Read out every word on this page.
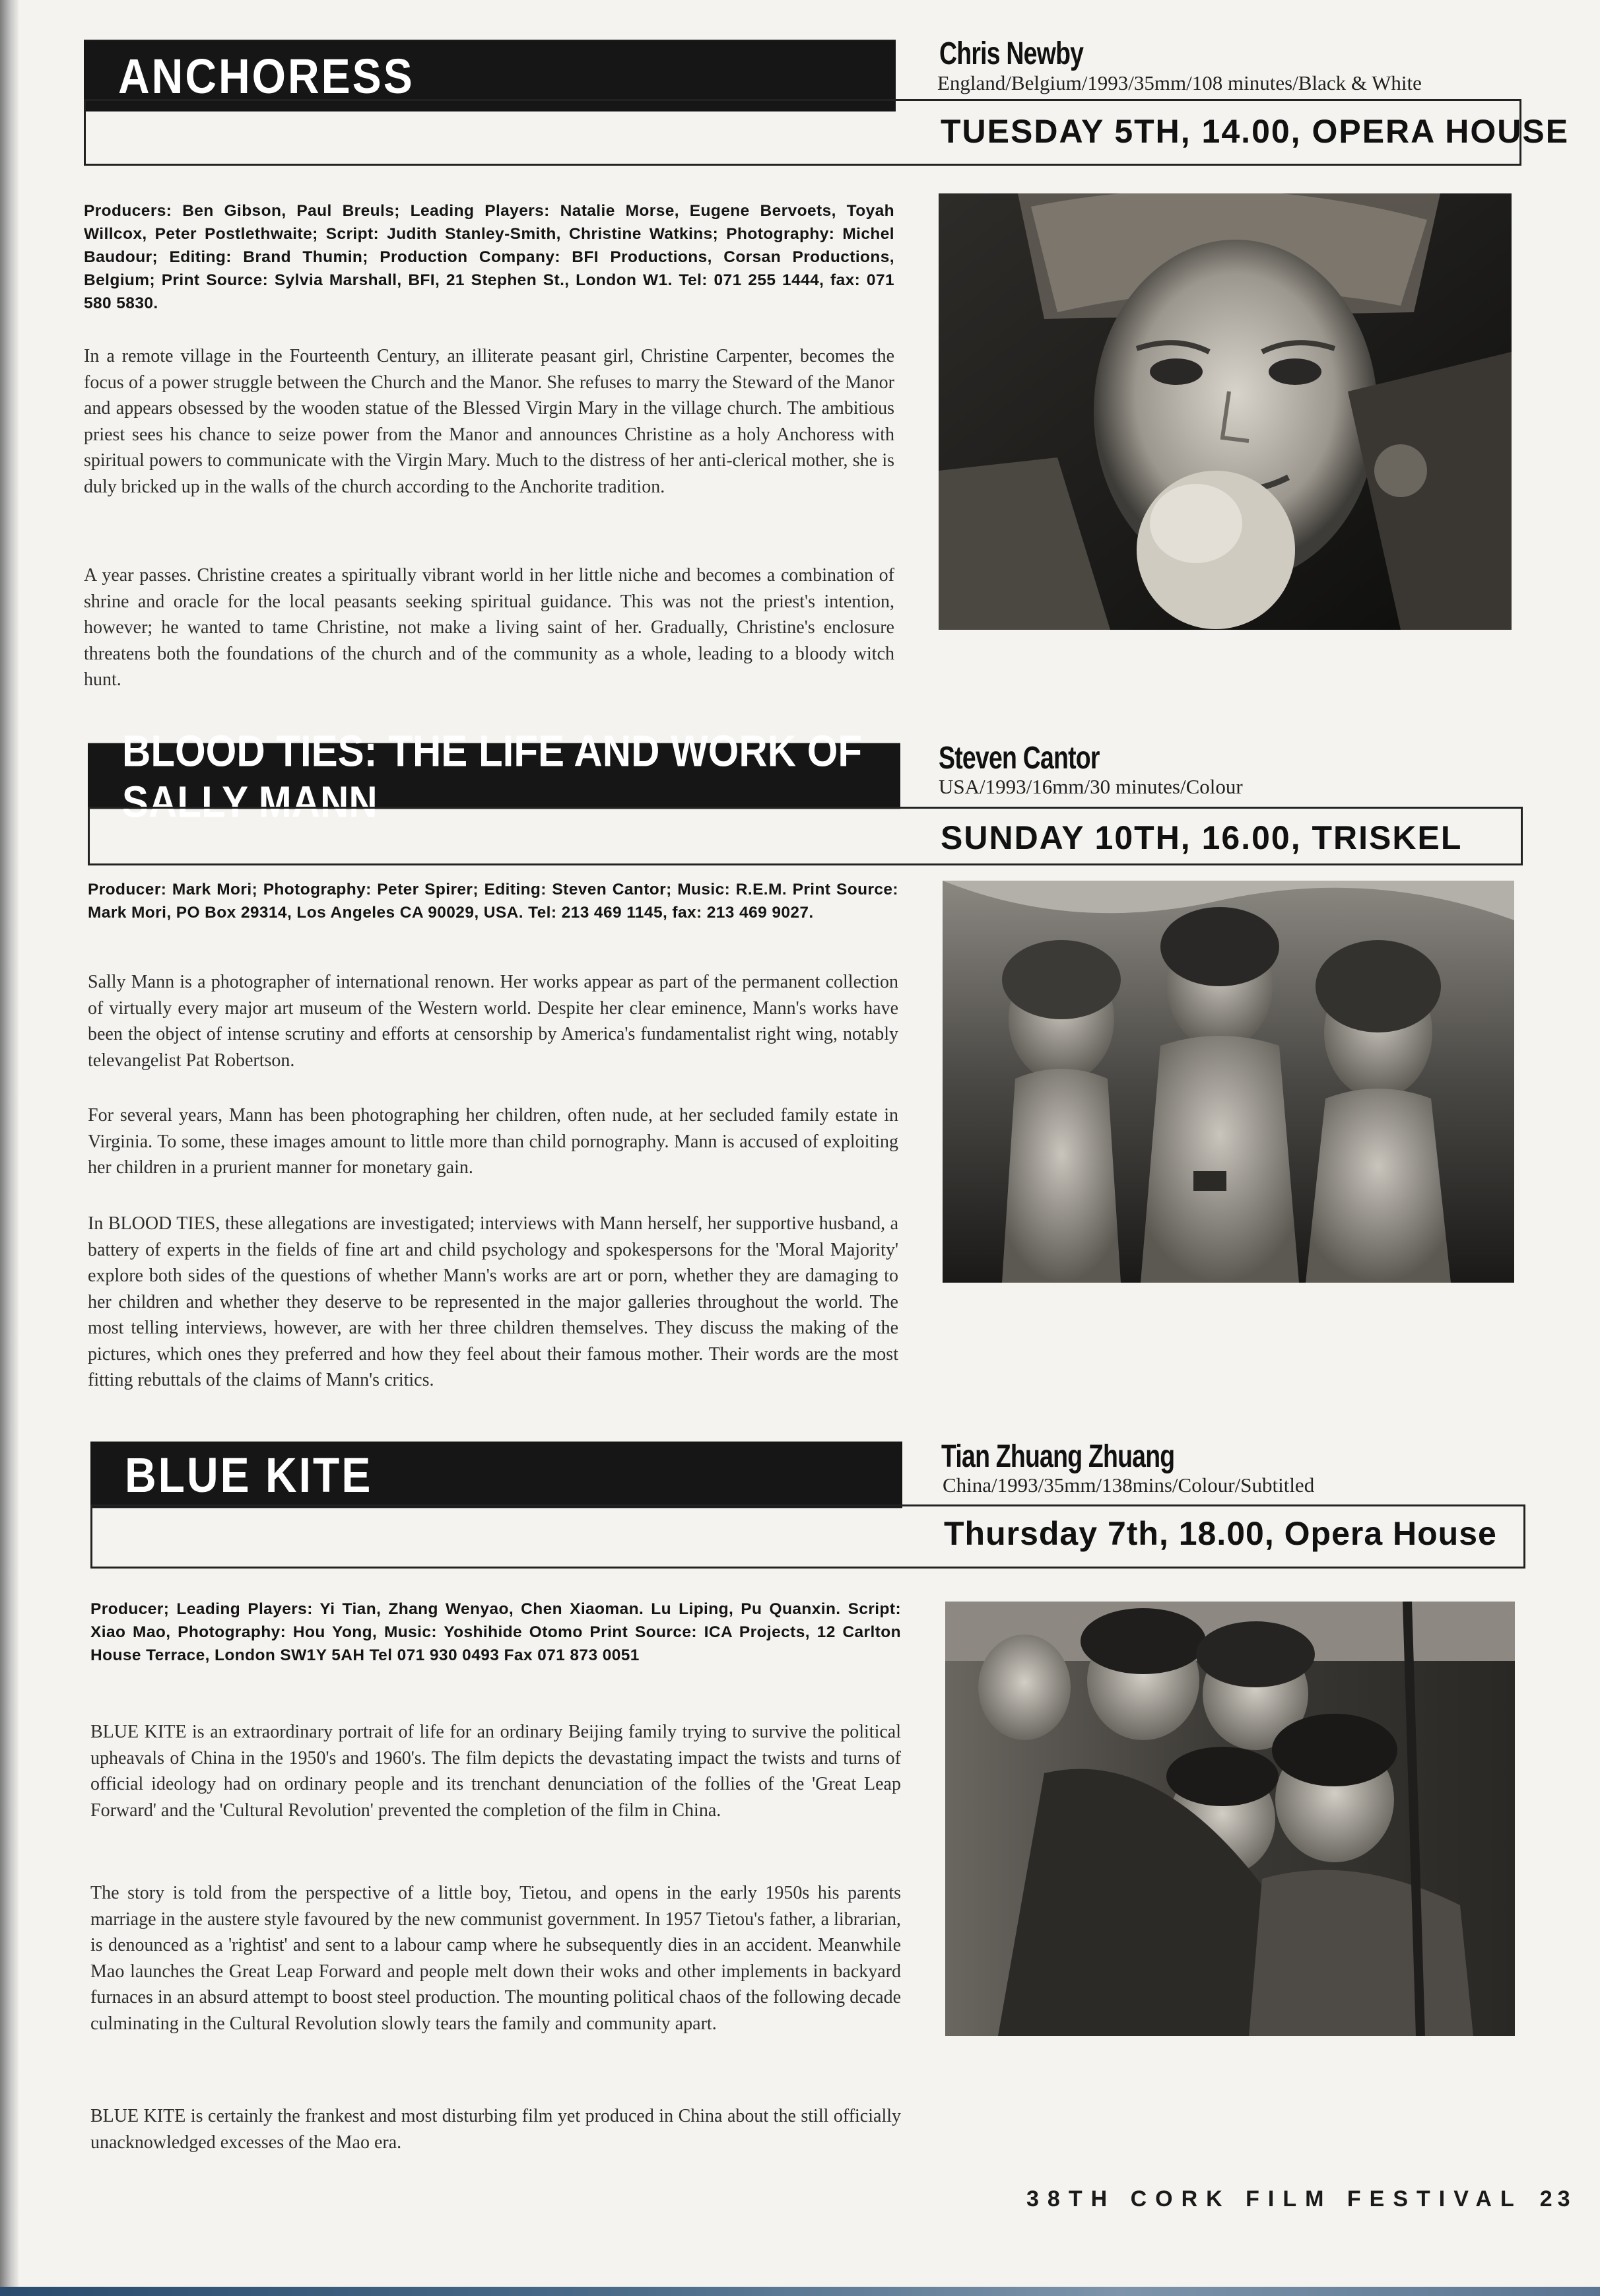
ANCHORESS	Chris Newby
England/Belgium/1993/35mm/108 minutes/Black & White
TUESDAY 5TH, 14.00, OPERA HOUSE
Producers: Ben Gibson, Paul Breuls; Leading Players: Natalie Morse, Eugene Bervoets, Toyah Willcox, Peter Postlethwaite; Script: Judith Stanley-Smith, Christine Watkins; Photography: Michel Baudour; Editing: Brand Thumin; Production Company: BFI Productions, Corsan Productions, Belgium; Print Source: Sylvia Marshall, BFI, 21 Stephen St., London W1. Tel: 071 255 1444, fax: 071 580 5830.

In a remote village in the Fourteenth Century, an illiterate peasant girl, Christine Carpenter, becomes the focus of a power struggle between the Church and the Manor. She refuses to marry the Steward of the Manor and appears obsessed by the wooden statue of the Blessed Virgin Mary in the village church. The ambitious priest sees his chance to seize power from the Manor and announces Christine as a holy Anchoress with spiritual powers to communicate with the Virgin Mary. Much to the distress of her anti-clerical mother, she is duly bricked up in the walls of the church according to the Anchorite tradition.

A year passes. Christine creates a spiritually vibrant world in her little niche and becomes a combination of shrine and oracle for the local peasants seeking spiritual guidance. This was not the priest's intention, however; he wanted to tame Christine, not make a living saint of her. Gradually, Christine's enclosure threatens both the foundations of the church and of the community as a whole, leading to a bloody witch hunt.

BLOOD TIES: THE LIFE AND WORK OF SALLY MANN
Steven Cantor
USA/1993/16mm/30 minutes/Colour
SUNDAY 10TH, 16.00, TRISKEL
Producer: Mark Mori; Photography: Peter Spirer; Editing: Steven Cantor; Music: R.E.M. Print Source: Mark Mori, PO Box 29314, Los Angeles CA 90029, USA. Tel: 213 469 1145, fax: 213 469 9027.

Sally Mann is a photographer of international renown. Her works appear as part of the permanent collection of virtually every major art museum of the Western world. Despite her clear eminence, Mann's works have been the object of intense scrutiny and efforts at censorship by America's fundamentalist right wing, notably televangelist Pat Robertson.

For several years, Mann has been photographing her children, often nude, at her secluded family estate in Virginia. To some, these images amount to little more than child pornography. Mann is accused of exploiting her children in a prurient manner for monetary gain.

In BLOOD TIES, these allegations are investigated; interviews with Mann herself, her supportive husband, a battery of experts in the fields of fine art and child psychology and spokespersons for the 'Moral Majority' explore both sides of the questions of whether Mann's works are art or porn, whether they are damaging to her children and whether they deserve to be represented in the major galleries throughout the world. The most telling interviews, however, are with her three children themselves. They discuss the making of the pictures, which ones they preferred and how they feel about their famous mother. Their words are the most fitting rebuttals of the claims of Mann's critics.

BLUE KITE	Tian Zhuang Zhuang
China/1993/35mm/138mins/Colour/Subtitled
Thursday 7th, 18.00, Opera House
Producer; Leading Players: Yi Tian, Zhang Wenyao, Chen Xiaoman. Lu Liping, Pu Quanxin. Script: Xiao Mao, Photography: Hou Yong, Music: Yoshihide Otomo Print Source: ICA Projects, 12 Carlton House Terrace, London SW1Y 5AH Tel 071 930 0493 Fax 071 873 0051

BLUE KITE is an extraordinary portrait of life for an ordinary Beijing family trying to survive the political upheavals of China in the 1950's and 1960's. The film depicts the devastating impact the twists and turns of official ideology had on ordinary people and its trenchant denunciation of the follies of the 'Great Leap Forward' and the 'Cultural Revolution' prevented the completion of the film in China.

The story is told from the perspective of a little boy, Tietou, and opens in the early 1950s his parents marriage in the austere style favoured by the new communist government. In 1957 Tietou's father, a librarian, is denounced as a 'rightist' and sent to a labour camp where he subsequently dies in an accident. Meanwhile Mao launches the Great Leap Forward and people melt down their woks and other implements in backyard furnaces in an absurd attempt to boost steel production. The mounting political chaos of the following decade culminating in the Cultural Revolution slowly tears the family and community apart.

BLUE KITE is certainly the frankest and most disturbing film yet produced in China about the still officially unacknowledged excesses of the Mao era.

38TH CORK FILM FESTIVAL 23
